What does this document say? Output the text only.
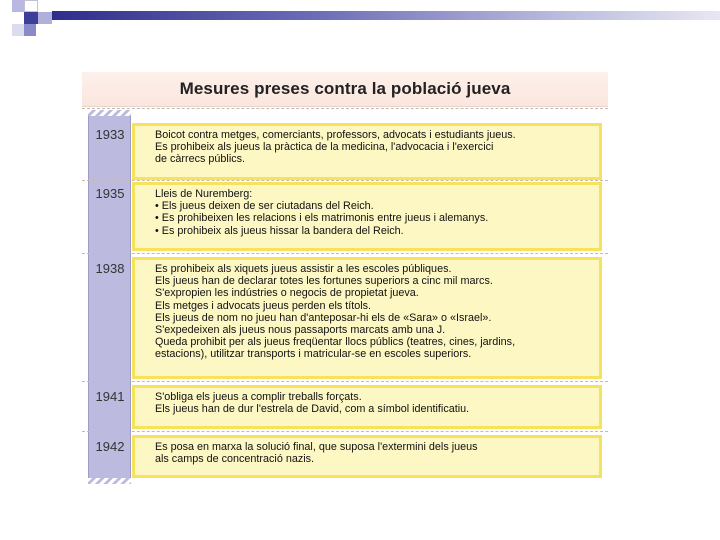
Mesures preses contra la població jueva
1933	Boicot contra metges, comerciants, professors, advocats i estudiants jueus.
Es prohibeix als jueus la pràctica de la medicina, l'advocacia i l'exercici
de càrrecs públics.
1935	Lleis de Nuremberg:
• Els jueus deixen de ser ciutadans del Reich.
• Es prohibeixen les relacions i els matrimonis entre jueus i alemanys.
• Es prohibeix als jueus hissar la bandera del Reich.
1938	Es prohibeix als xiquets jueus assistir a les escoles públiques.
Els jueus han de declarar totes les fortunes superiors a cinc mil marcs.
S'expropien les indústries o negocis de propietat jueva.
Els metges i advocats jueus perden els títols.
Els jueus de nom no jueu han d'anteposar-hi els de «Sara» o «Israel».
S'expedeixen als jueus nous passaports marcats amb una J.
Queda prohibit per als jueus freqüentar llocs públics (teatres, cines, jardins,
estacions), utilitzar transports i matricular-se en escoles superiors.
1941	S'obliga els jueus a complir treballs forçats.
Els jueus han de dur l'estrela de David, com a símbol identificatiu.
1942	Es posa en marxa la solució final, que suposa l'extermini dels jueus
als camps de concentració nazis.
